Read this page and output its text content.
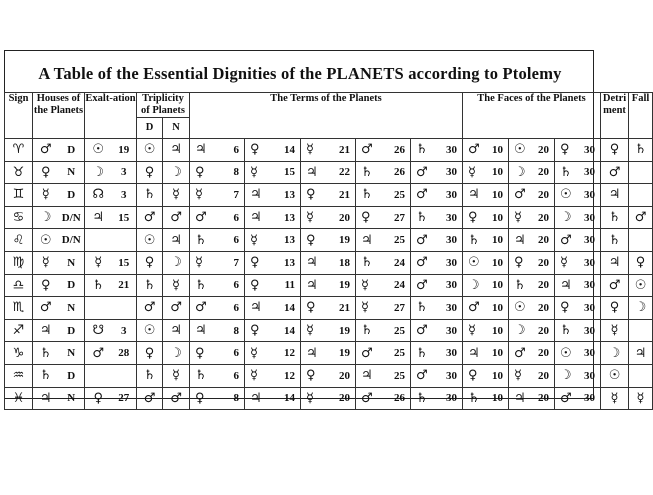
A Table of the Essential Dignities of the PLANETS according to Ptolemy
Sign	Houses of the Planets		Exalt-ation		Triplicity of Planets		The Terms of the Planets					The Faces of the Planets			Detri ment	Fall
					D	N										
♈	♂	D	☉	19	☉	♃	♃ 6	♀ 14	☿ 21	♂ 26	♄ 30	♂ 10	☉ 20	♀ 30	♀	♄
♉	♀	N	☽	3	♀	☽	♀ 8	☿ 15	♃ 22	♄ 26	♂ 30	☿ 10	☽ 20	♄ 30	♂	
♊	☿	D	☊	3	♄	☿	☿ 7	♃ 13	♀ 21	♄ 25	♂ 30	♃ 10	♂ 20	☉ 30	♃	
♋	☽	D/N	♃	15	♂	♂	♂ 6	♃ 13	☿ 20	♀ 27	♄ 30	♀ 10	☿ 20	☽ 30	♄	♂
♌	☉	D/N			☉	♃	♄ 6	☿ 13	♀ 19	♃ 25	♂ 30	♄ 10	♃ 20	♂ 30	♄	
♍	☿	N	☿	15	♀	☽	☿ 7	♀ 13	♃ 18	♄ 24	♂ 30	☉ 10	♀ 20	☿ 30	♃	♀
♎	♀	D	♄	21	♄	☿	♄ 6	♀ 11	♃ 19	☿ 24	♂ 30	☽ 10	♄ 20	♃ 30	♂	☉
♏	♂	N			♂	♂	♂ 6	♃ 14	♀ 21	☿ 27	♄ 30	♂ 10	☉ 20	♀ 30	♀	☽
♐	♃	D	☋	3	☉	♃	♃ 8	♀ 14	☿ 19	♄ 25	♂ 30	☿ 10	☽ 20	♄ 30	☿	
♑	♄	N	♂	28	♀	☽	♀ 6	☿ 12	♃ 19	♂ 25	♄ 30	♃ 10	♂ 20	☉ 30	☽	♃
♒	♄	D			♄	☿	♄ 6	☿ 12	♀ 20	♃ 25	♂ 30	♀ 10	☿ 20	☽ 30	☉	
♓	♃	N	♀	27	♂	♂	♀ 8	♃ 14	☿ 20	♂ 26	♄ 30	♄ 10	♃ 20	♂ 30	☿	☿
